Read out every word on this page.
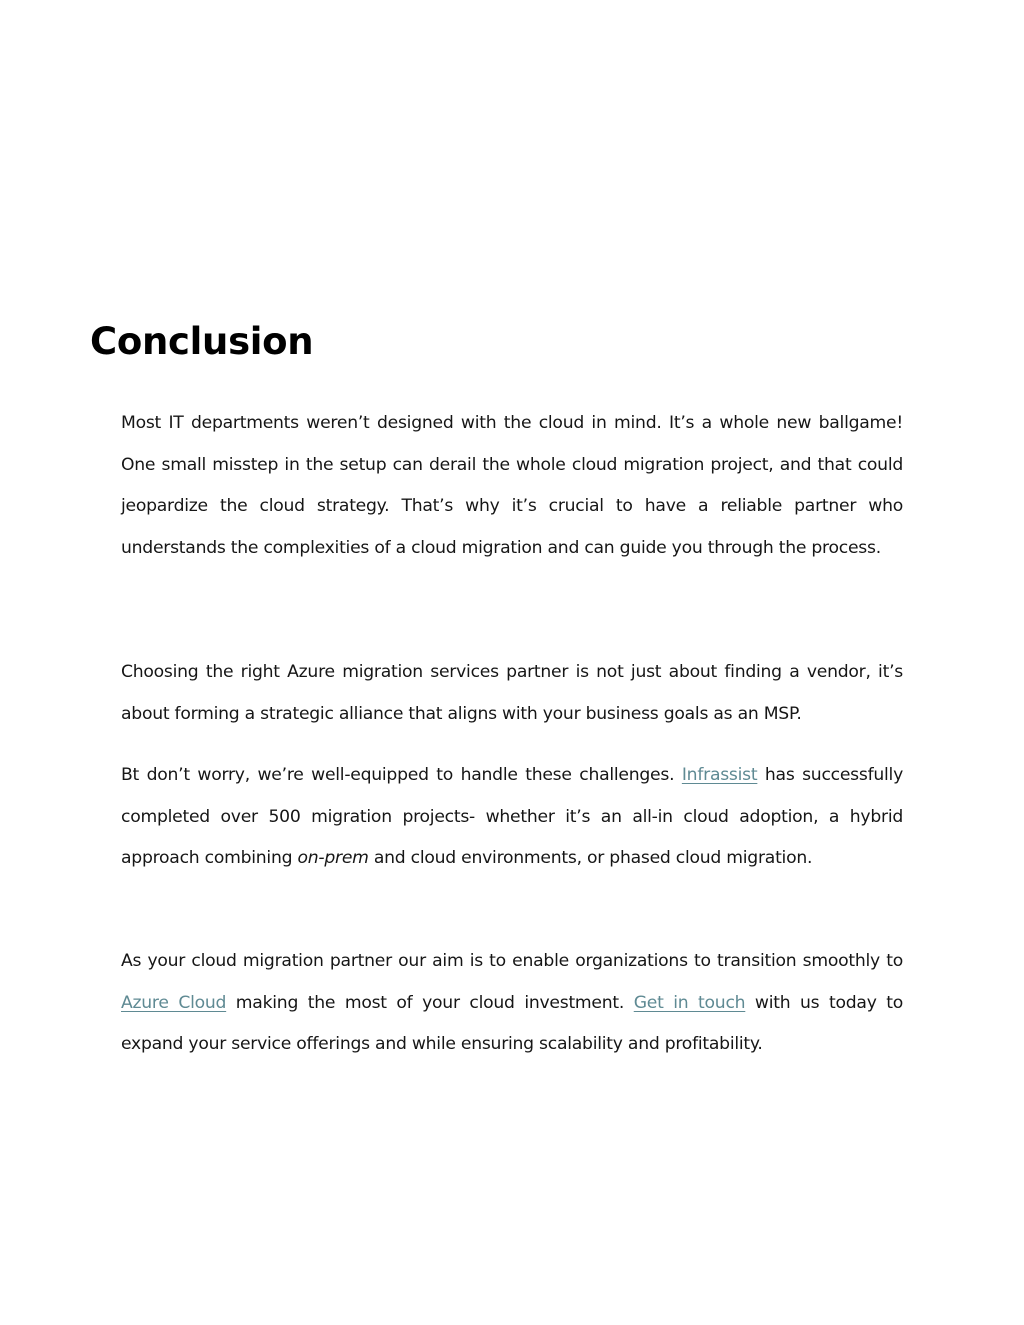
Conclusion

Most IT departments weren’t designed with the cloud in mind. It’s a whole new ballgame! One small misstep in the setup can derail the whole cloud migration project, and that could jeopardize the cloud strategy. That’s why it’s crucial to have a reliable partner who understands the complexities of a cloud migration and can guide you through the process.

Choosing the right Azure migration services partner is not just about finding a vendor, it’s about forming a strategic alliance that aligns with your business goals as an MSP.

Bt don’t worry, we’re well-equipped to handle these challenges. Infrassist has successfully completed over 500 migration projects- whether it’s an all-in cloud adoption, a hybrid approach combining on-prem and cloud environments, or phased cloud migration.

As your cloud migration partner our aim is to enable organizations to transition smoothly to Azure Cloud making the most of your cloud investment. Get in touch with us today to expand your service offerings and while ensuring scalability and profitability.
